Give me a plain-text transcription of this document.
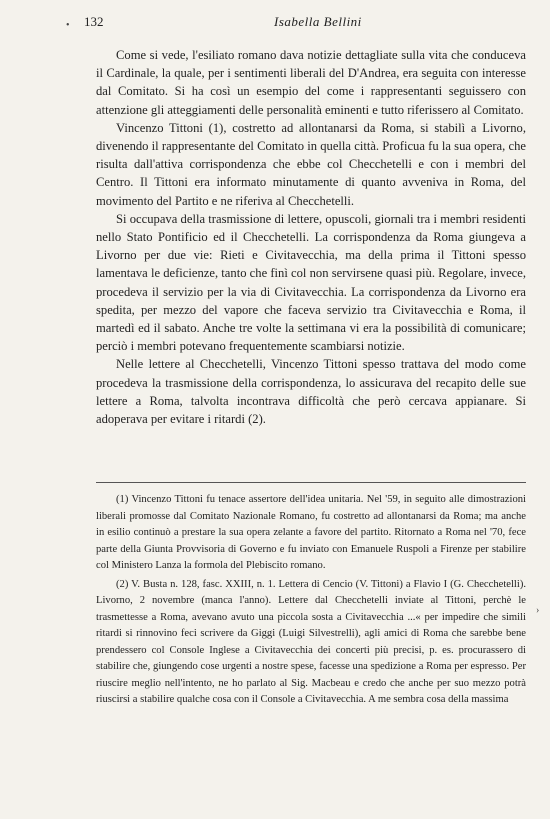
• 132	Isabella Bellini

Come si vede, l'esiliato romano dava notizie dettagliate sulla vita che conduceva il Cardinale, la quale, per i sentimenti liberali del D'Andrea, era seguita con interesse dal Comitato. Si ha così un esempio del come i rappresentanti seguissero con attenzione gli atteggiamenti delle personalità eminenti e tutto riferissero al Comitato.

Vincenzo Tittoni (1), costretto ad allontanarsi da Roma, si stabilì a Livorno, divenendo il rappresentante del Comitato in quella città. Proficua fu la sua opera, che risulta dall'attiva corrispondenza che ebbe col Checchetelli e con i membri del Centro. Il Tittoni era informato minutamente di quanto avveniva in Roma, del movimento del Partito e ne riferiva al Checchetelli.

Si occupava della trasmissione di lettere, opuscoli, giornali tra i membri residenti nello Stato Pontificio ed il Checchetelli. La corrispondenza da Roma giungeva a Livorno per due vie: Rieti e Civitavecchia, ma della prima il Tittoni spesso lamentava le deficienze, tanto che finì col non servirsene quasi più. Regolare, invece, procedeva il servizio per la via di Civitavecchia. La corrispondenza da Livorno era spedita, per mezzo del vapore che faceva servizio tra Civitavecchia e Roma, il martedì ed il sabato. Anche tre volte la settimana vi era la possibilità di comunicare; perciò i membri potevano frequentemente scambiarsi notizie.

Nelle lettere al Checchetelli, Vincenzo Tittoni spesso trattava del modo come procedeva la trasmissione della corrispondenza, lo assicurava del recapito delle sue lettere a Roma, talvolta incontrava difficoltà che però cercava appianare. Si adoperava per evitare i ritardi (2).

(1) Vincenzo Tittoni fu tenace assertore dell'idea unitaria. Nel '59, in seguito alle dimostrazioni liberali promosse dal Comitato Nazionale Romano, fu costretto ad allontanarsi da Roma; ma anche in esilio continuò a prestare la sua opera zelante a favore del partito. Ritornato a Roma nel '70, fece parte della Giunta Provvisoria di Governo e fu inviato con Emanuele Ruspoli a Firenze per stabilire col Ministero Lanza la formola del Plebiscito romano.

(2) V. Busta n. 128, fasc. XXIII, n. 1. Lettera di Cencio (V. Tittoni) a Flavio I (G. Checchetelli). Livorno, 2 novembre (manca l'anno). Lettere dal Checchetelli inviate al Tittoni, perchè le trasmettesse a Roma, avevano avuto una piccola sosta a Civitavecchia ...« per impedire che simili ritardi si rinnovino feci scrivere da Giggi (Luigi Silvestrelli), agli amici di Roma che sarebbe bene prendessero col Console Inglese a Civitavecchia dei concerti più precisi, p. es. procurassero di stabilire che, giungendo cose urgenti a nostre spese, facesse una spedizione a Roma per espresso. Per riuscire meglio nell'intento, ne ho parlato al Sig. Macbeau e credo che anche per suo mezzo potrà riuscirsi a stabilire qualche cosa con il Console a Civitavecchia. A me sembra cosa della massima

›
